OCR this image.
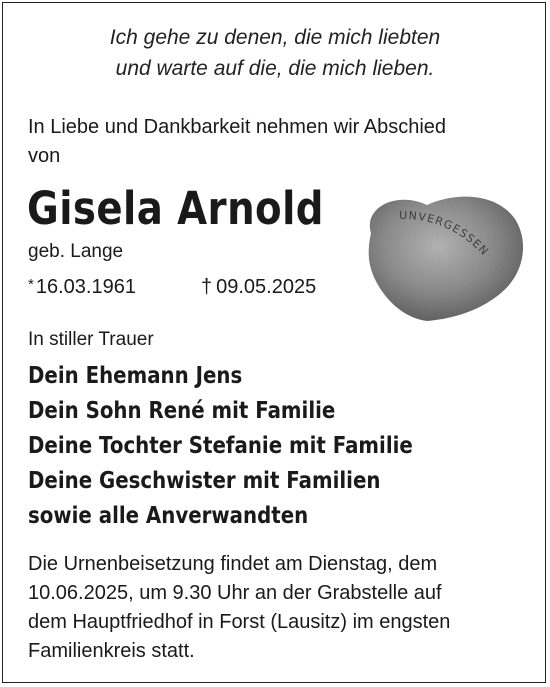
Ich gehe zu denen, die mich liebten
und warte auf die, die mich lieben.
In Liebe und Dankbarkeit nehmen wir Abschied
von
Gisela Arnold
geb. Lange
* 16.03.1961	† 09.05.2025
UNVERGESSEN
In stiller Trauer
Dein Ehemann Jens
Dein Sohn René mit Familie
Deine Tochter Stefanie mit Familie
Deine Geschwister mit Familien
sowie alle Anverwandten
Die Urnenbeisetzung findet am Dienstag, dem
10.06.2025, um 9.30 Uhr an der Grabstelle auf
dem Hauptfriedhof in Forst (Lausitz) im engsten
Familienkreis statt.
